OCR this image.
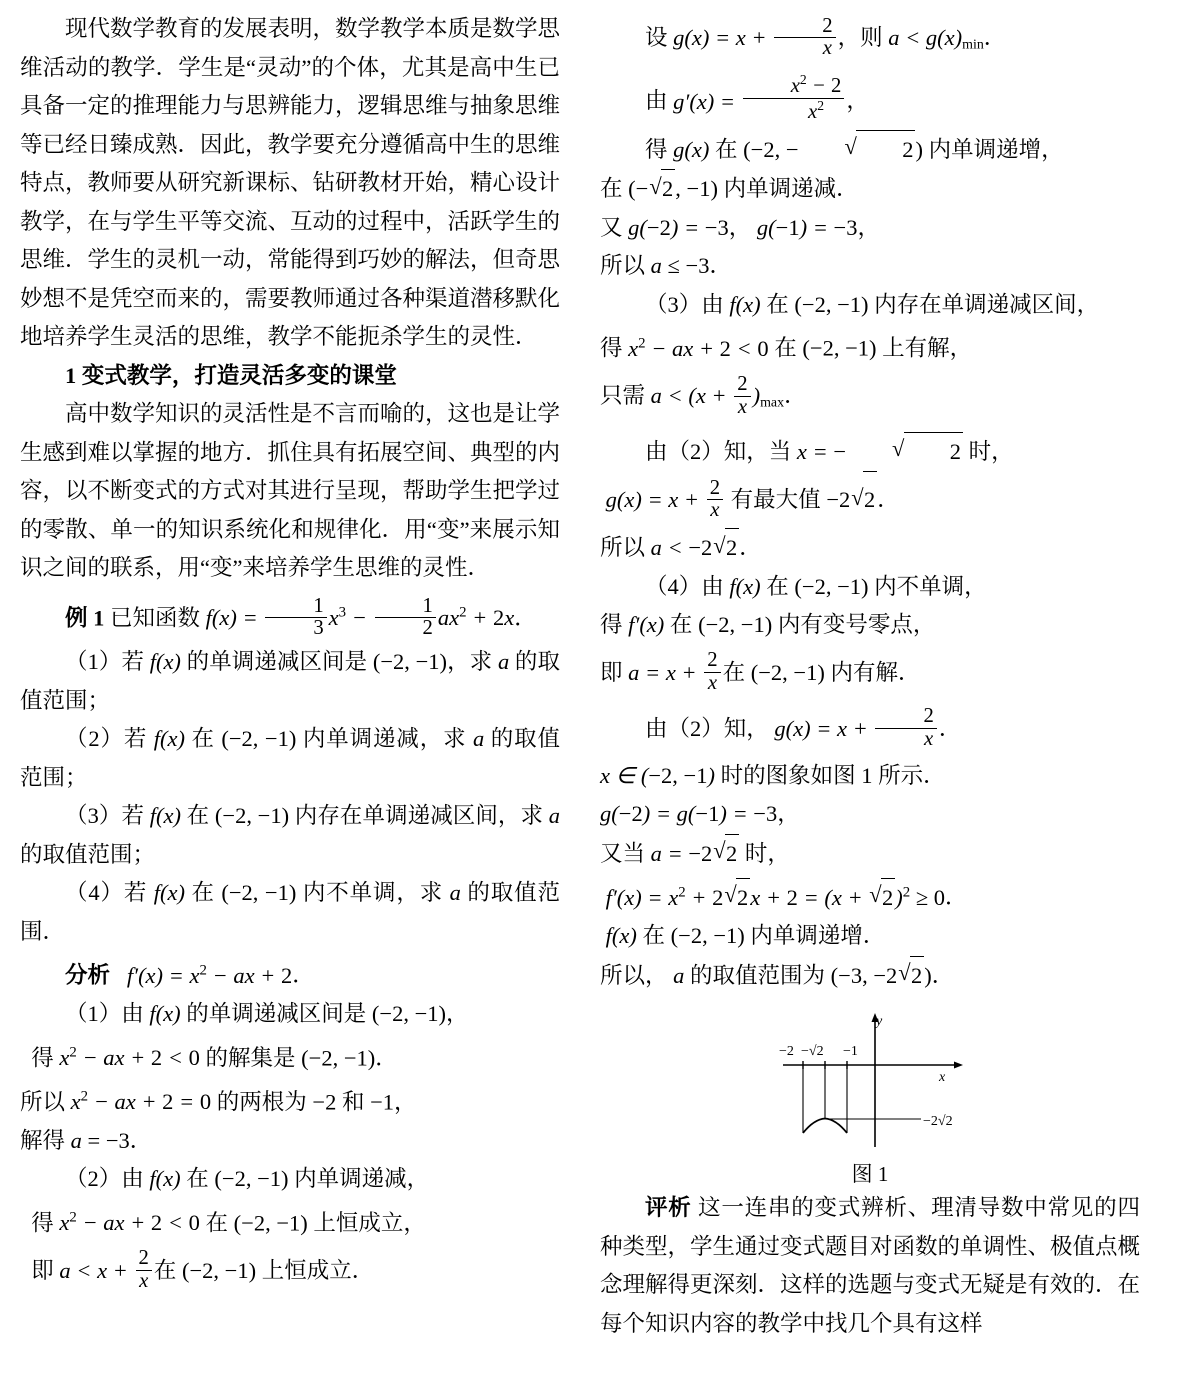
现代数学教育的发展表明，数学教学本质是数学思维活动的教学．学生是“灵动”的个体，尤其是高中生已具备一定的推理能力与思辨能力，逻辑思维与抽象思维等已经日臻成熟．因此，教学要充分遵循高中生的思维特点，教师要从研究新课标、钻研教材开始，精心设计教学，在与学生平等交流、互动的过程中，活跃学生的思维．学生的灵机一动，常能得到巧妙的解法，但奇思妙想不是凭空而来的，需要教师通过各种渠道潜移默化地培养学生灵活的思维，教学不能扼杀学生的灵性．

1 变式教学，打造灵活多变的课堂

高中数学知识的灵活性是不言而喻的，这也是让学生感到难以掌握的地方．抓住具有拓展空间、典型的内容，以不断变式的方式对其进行呈现，帮助学生把学过的零散、单一的知识系统化和规律化．用“变”来展示知识之间的联系，用“变”来培养学生思维的灵性．

例 1 已知函数 $f(x) = \frac{1}{3} x^3 - \frac{1}{2} ax^2 + 2x$．

（1）若 f(x) 的单调递减区间是 (−2, −1)，求 a 的取值范围；

（2）若 f(x) 在 (−2, −1) 内单调递减，求 a 的取值范围；

（3）若 f(x) 在 (−2, −1) 内存在单调递减区间，求 a 的取值范围；

（4）若 f(x) 在 (−2, −1) 内不单调，求 a 的取值范围．

分析 $f'(x) = x^2$ − ax + 2．

（1）由 f(x) 的单调递减区间是 (−2, −1)，

得 $x^2$ − ax + 2 < 0 的解集是 (−2, −1)．

所以 $x^2$ − ax + 2 = 0 的两根为 −2 和 −1，

解得 a = −3．

（2）由 f(x) 在 (−2, −1) 内单调递减，

得 $x^2$ − ax + 2 < 0 在 (−2, −1) 上恒成立，

即 $a < x + \frac{2}{x}$ 在 (−2, −1) 上恒成立．

设 $g(x) = x + \frac{2}{x}$ ，则 $a < g(x)_{min}$．

由 $g'(x) = \frac{x^2 - 2}{x^2}$ ，

得 g(x) 在 (−2, −	√ 2) 内单调递增，

在 (− √ 2, −1) 内单调递减．

又 g(−2) = −3， g(−1) = −3，

所以 a ≤ −3．

（3）由 f(x) 在 (−2, −1) 内存在单调递减区间，

得 $x^2$ − ax + 2 < 0 在 (−2, −1) 上有解，

只需 $a < (x + \frac{2}{x} )_{max}$．

由（2）知，当 x = −	√ 2 时，

$g(x) = x + \frac{2}{x}$ 有最大值 −2 √ 2．

所以 a < −2 √ 2．

（4）由 f(x) 在 (−2, −1) 内不单调，

得 f′(x) 在 (−2, −1) 内有变号零点，

即 $a = x + \frac{2}{x}$ 在 (−2, −1) 内有解．

由（2）知， $g(x) = x + \frac{2}{x}$ ．

x ∈ (−2, −1) 时的图象如图 1 所示．

g(−2) = g(−1) = −3，

又当 a = −2 √ 2 时，

$f'(x) = x^2 + 2$ √ 2x + 2 = (x + √ 2)$^2$ ≥ 0．

f(x) 在 (−2, −1) 内单调递增．

所以， a 的取值范围为 (−3, −2 √ 2)．

y
x
−2 −√2 −1
−2√2
图 1

评析 这一连串的变式辨析、理清导数中常见的四种类型，学生通过变式题目对函数的单调性、极值点概念理解得更深刻．这样的选题与变式无疑是有效的．在每个知识内容的教学中找几个具有这样
